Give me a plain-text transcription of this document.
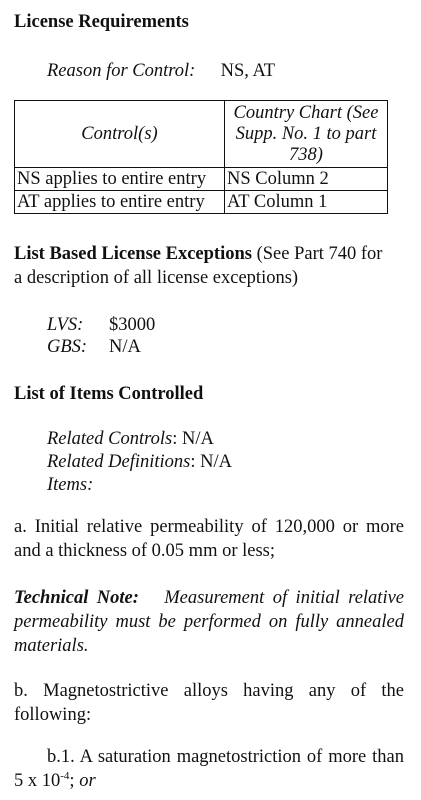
License Requirements
Reason for Control: NS, AT
Control(s)	Country Chart (See Supp. No. 1 to part 738)
NS applies to entire entry	NS Column 2
AT applies to entire entry	AT Column 1
List Based License Exceptions (See Part 740 for
a description of all license exceptions)
LVS: $3000
GBS: N/A
List of Items Controlled
Related Controls: N/A
Related Definitions: N/A
Items:
a. Initial relative permeability of 120,000 or more and a thickness of 0.05 mm or less;
Technical Note: Measurement of initial relative permeability must be performed on fully annealed materials.
b. Magnetostrictive alloys having any of the following:
b.1. A saturation magnetostriction of more than 5 x $10^{-4}$; or
